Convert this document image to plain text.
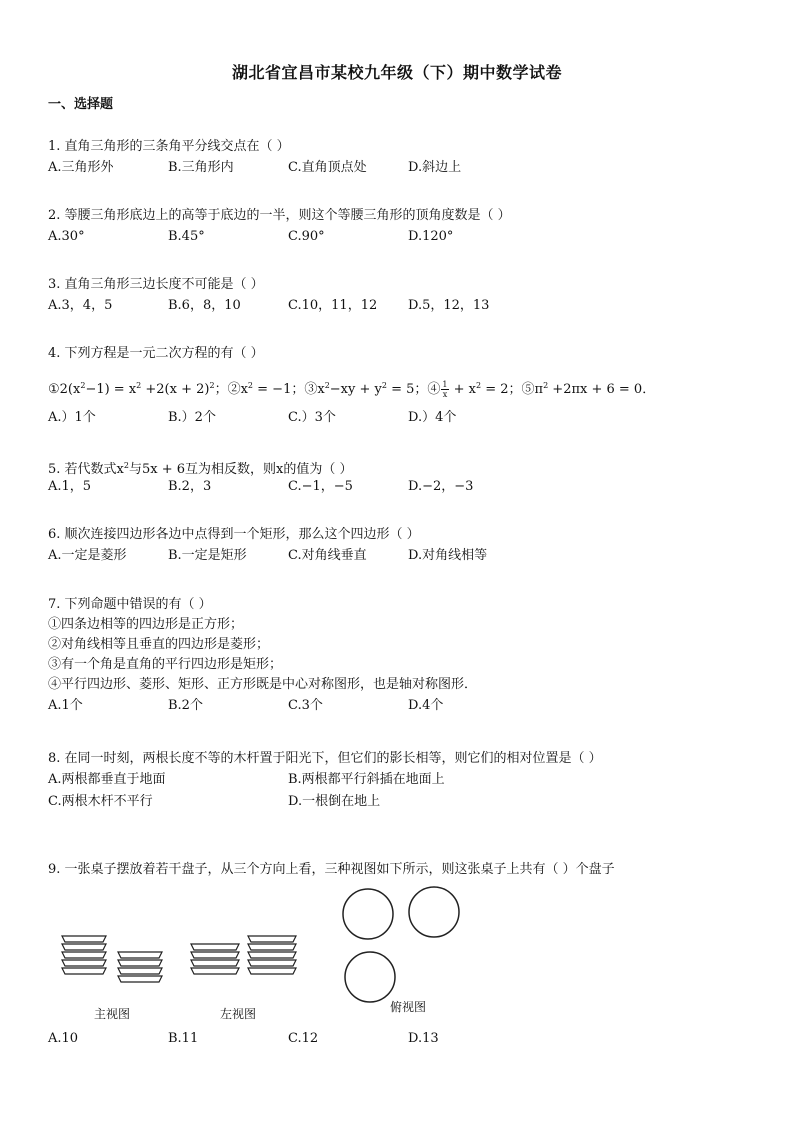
湖北省宜昌市某校九年级（下）期中数学试卷
一、选择题
1. 直角三角形的三条角平分线交点在（ ）
A.三角形外	B.三角形内	C.直角顶点处	D.斜边上
2. 等腰三角形底边上的高等于底边的一半，则这个等腰三角形的顶角度数是（ ）
A.30°	B.45°	C.90°	D.120°
3. 直角三角形三边长度不可能是（ ）
A.3，4，5	B.6，8，10	C.10，11，12 D.5，12，13
4. 下列方程是一元二次方程的有（ ）
$①2(x^2-1) = x^2 +2(x + 2)^2$；$②x^2 = -1$；$③x^2-xy + y^2 = 5$；④ $\frac{1}{x} + x^2 = 2$；$⑤\pi^2 +2\pi x + 6 = 0$．
A.）1个	B.）2个	C.）3个	D.）4个
5. 若代数式$x^2$与5x + 6互为相反数，则x的值为（ ）
A.1，5	B.2，3	C.−1，−5	D.−2，−3
6. 顺次连接四边形各边中点得到一个矩形，那么这个四边形（ ）
A.一定是菱形	B.一定是矩形	C.对角线垂直	D.对角线相等
7. 下列命题中错误的有（ ）
①四条边相等的四边形是正方形；
②对角线相等且垂直的四边形是菱形；
③有一个角是直角的平行四边形是矩形；
④平行四边形、菱形、矩形、正方形既是中心对称图形，也是轴对称图形．
A.1个	B.2个	C.3个	D.4个
8. 在同一时刻，两根长度不等的木杆置于阳光下，但它们的影长相等，则它们的相对位置是（ ）
A.两根都垂直于地面	B.两根都平行斜插在地面上
C.两根木杆不平行	D.一根倒在地上
9. 一张桌子摆放着若干盘子，从三个方向上看，三种视图如下所示，则这张桌子上共有（ ）个盘子
主视图	左视图	俯视图
A.10	B.11	C.12	D.13
